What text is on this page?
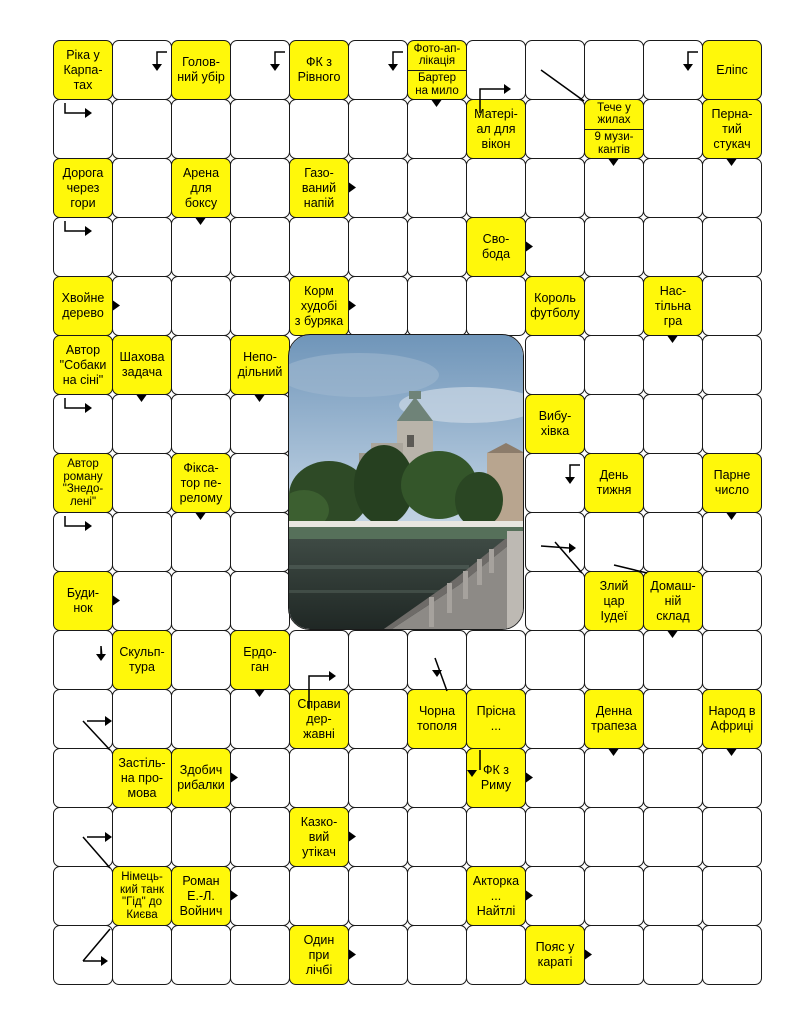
Ріка у
Карпа-
тах
Голов-
ний убір
ФК з
Рівного
Фото-ап-
лікація
Бартер
на мило
Еліпс
Матері-
ал для
вікон
Тече у
жилах
9 музи-
кантів
Перна-
тий
стукач
Дорога
через
гори
Арена
для
боксу
Газо-
ваний
напій
Сво-
бода
Хвойне
дерево
Корм
худобі
з буряка
Король
футболу
Нас-
тільна
гра
Автор
"Собаки
на сіні"
Шахова
задача
Непо-
дільний
Вибу-
хівка
Автор
роману
"Знедо-
лені"
Фікса-
тор пе-
релому
День
тижня
Парне
число
Буди-
нок
Злий
цар
Іудеї
Домаш-
ній
склад
Скульп-
тура
Ердо-
ган
Справи
дер-
жавні
Чорна
тополя
Прісна
...
Денна
трапеза
Народ в
Африці
Застіль-
на про-
мова
Здобич
рибалки
ФК з
Риму
Казко-
вий
утікач
Німець-
кий танк
"Гід" до
Києва
Роман
Е.-Л.
Войнич
Акторка ...
Найтлі
Один
при
лічбі
Пояс у
караті
